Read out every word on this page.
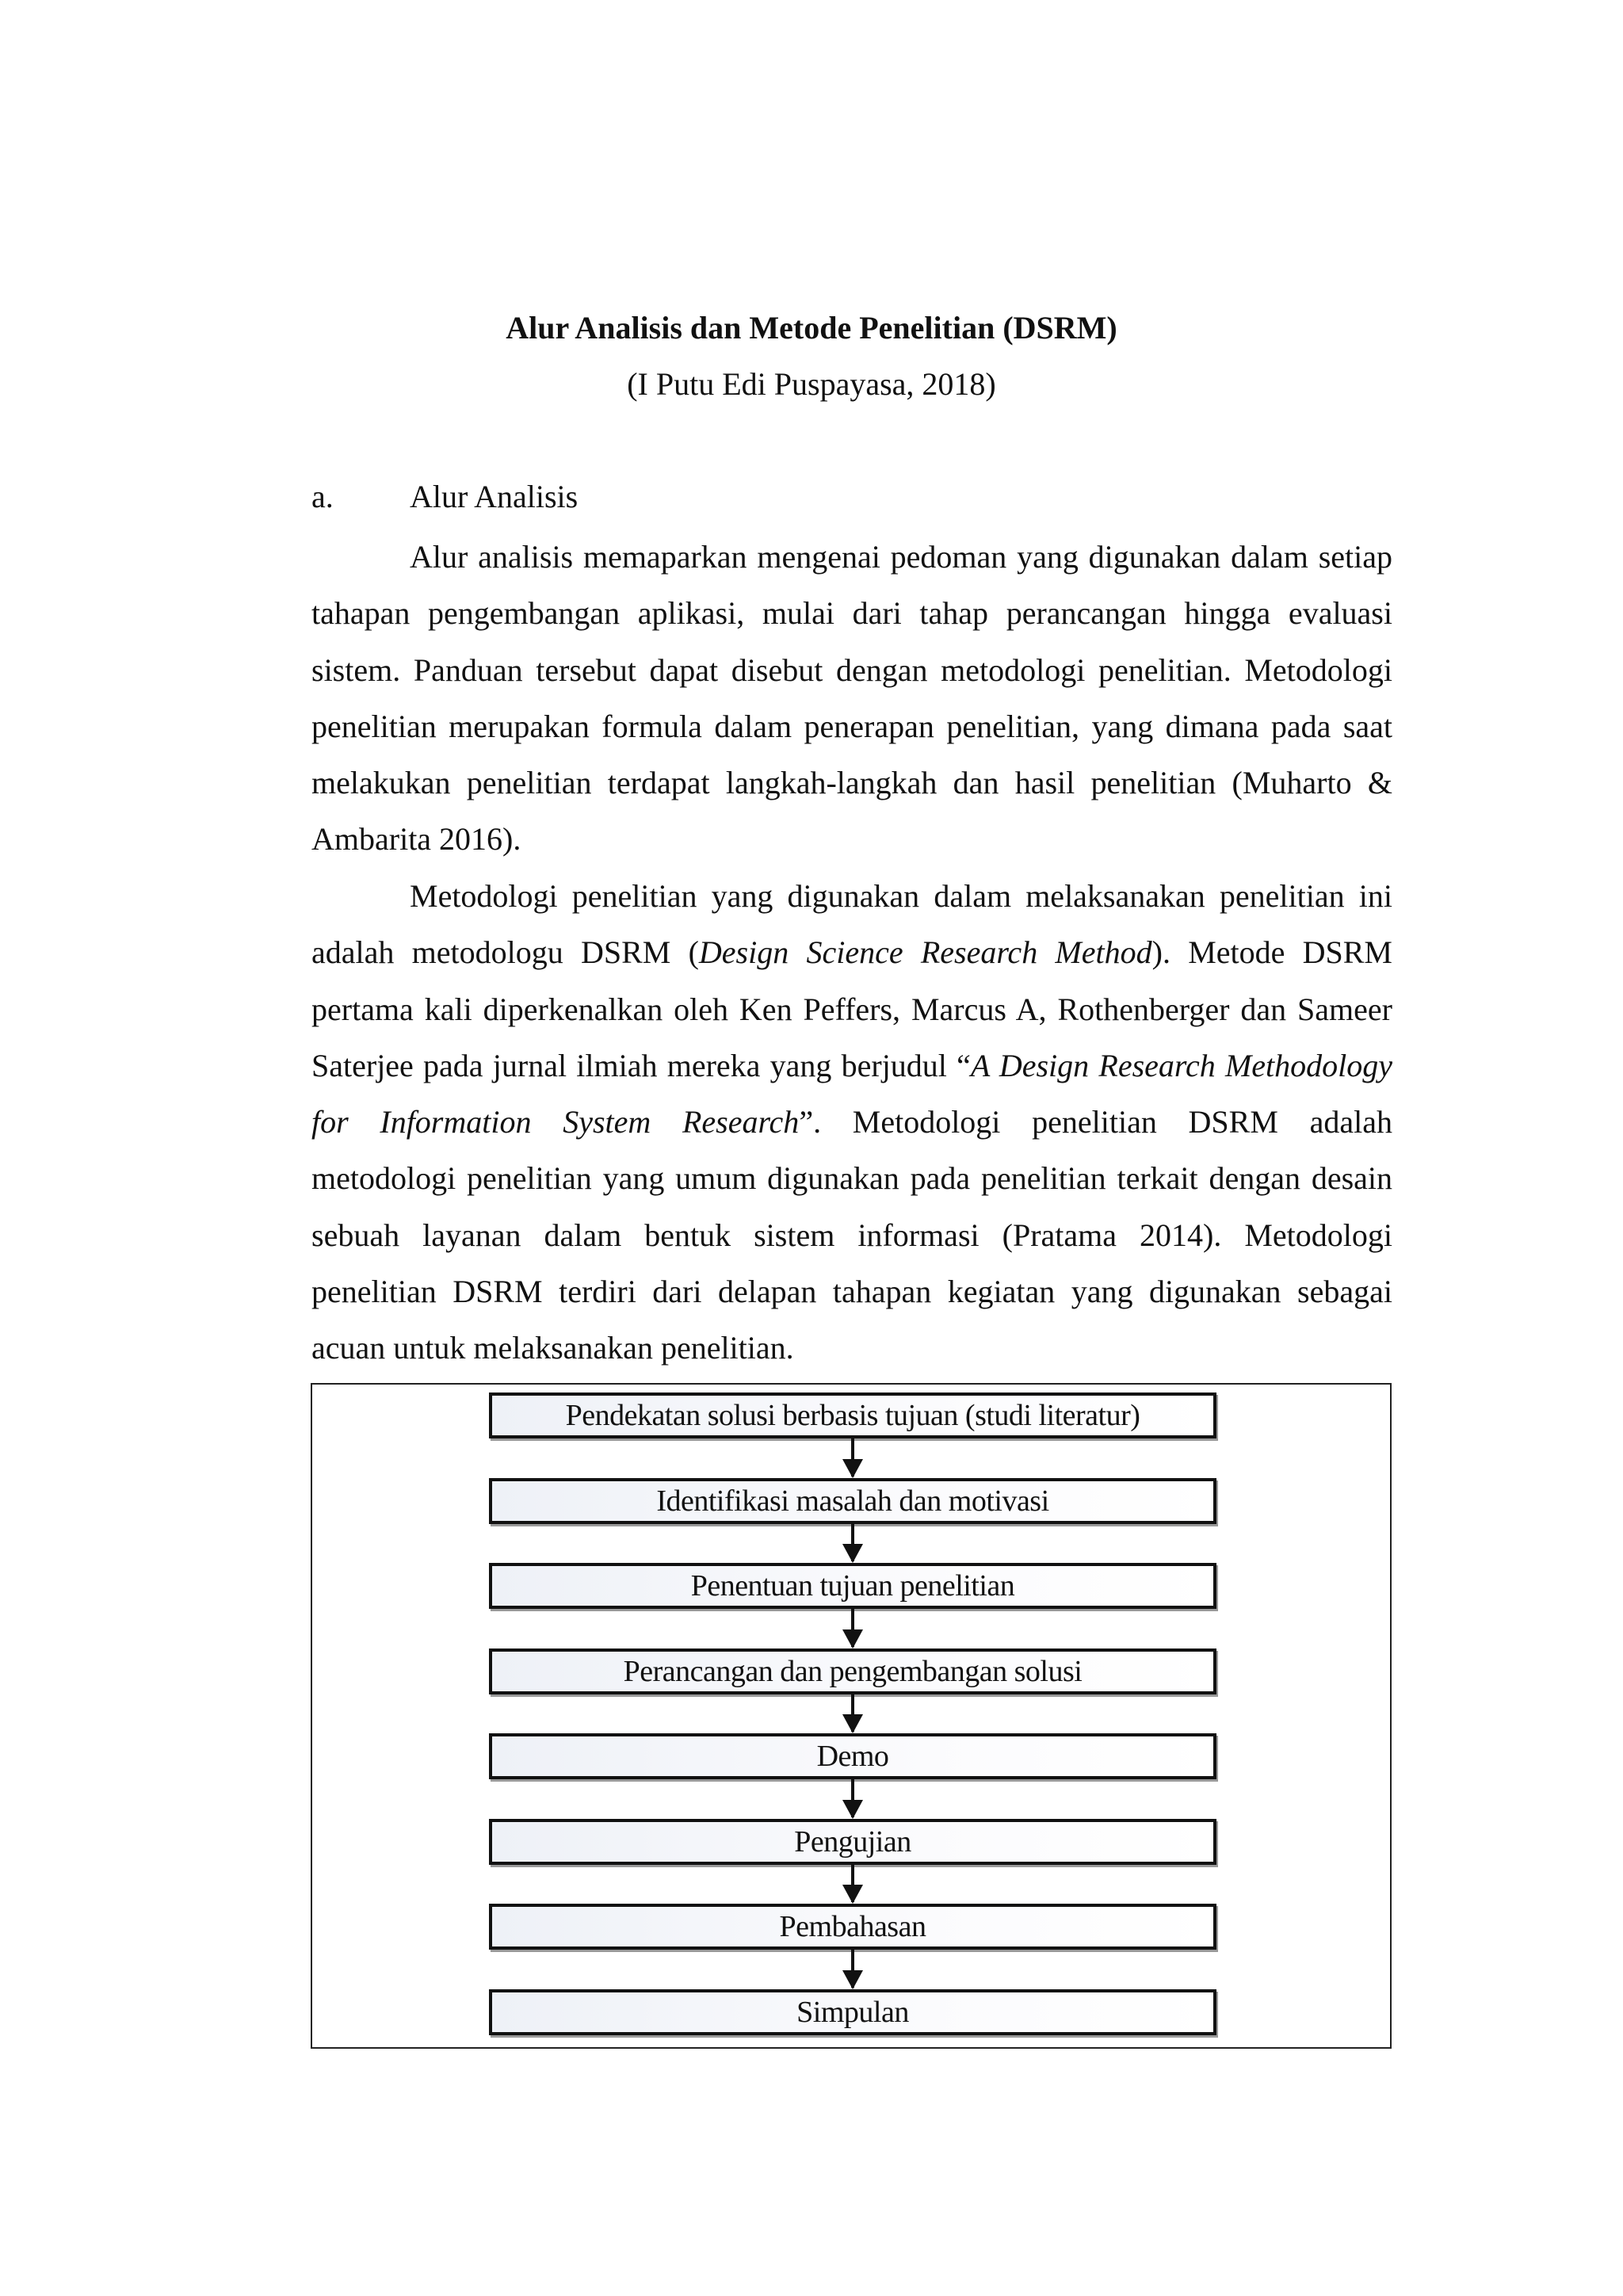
Alur Analisis dan Metode Penelitian (DSRM)
(I Putu Edi Puspayasa, 2018)
a. Alur Analisis
Alur analisis memaparkan mengenai pedoman yang digunakan dalam setiap
tahapan pengembangan aplikasi, mulai dari tahap perancangan hingga evaluasi
sistem. Panduan tersebut dapat disebut dengan metodologi penelitian. Metodologi
penelitian merupakan formula dalam penerapan penelitian, yang dimana pada saat
melakukan penelitian terdapat langkah-langkah dan hasil penelitian (Muharto &
Ambarita 2016).
Metodologi penelitian yang digunakan dalam melaksanakan penelitian ini
adalah metodologu DSRM (Design Science Research Method). Metode DSRM
pertama kali diperkenalkan oleh Ken Peffers, Marcus A, Rothenberger dan Sameer
Saterjee pada jurnal ilmiah mereka yang berjudul “A Design Research Methodology
for Information System Research”. Metodologi penelitian DSRM adalah
metodologi penelitian yang umum digunakan pada penelitian terkait dengan desain
sebuah layanan dalam bentuk sistem informasi (Pratama 2014). Metodologi
penelitian DSRM terdiri dari delapan tahapan kegiatan yang digunakan sebagai
acuan untuk melaksanakan penelitian.
Pendekatan solusi berbasis tujuan (studi literatur)
Identifikasi masalah dan motivasi
Penentuan tujuan penelitian
Perancangan dan pengembangan solusi
Demo
Pengujian
Pembahasan
Simpulan
